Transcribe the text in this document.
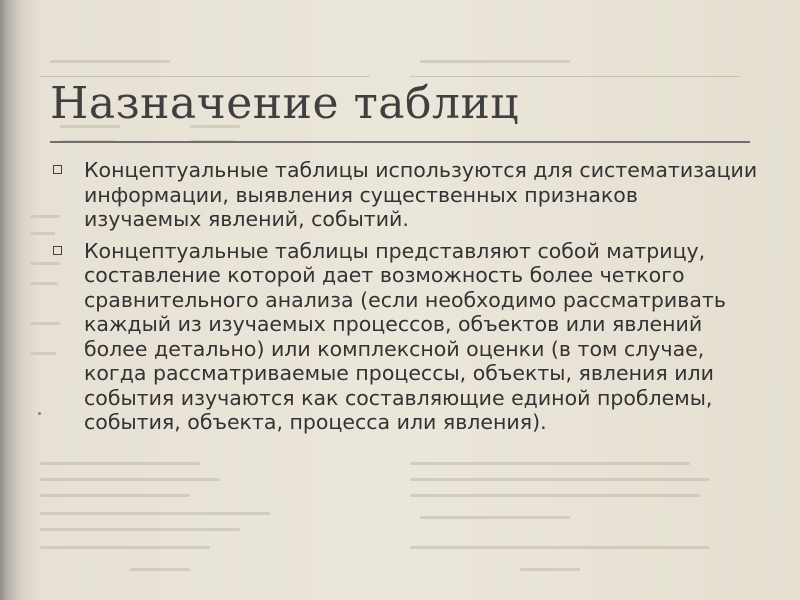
Назначение таблиц
Концептуальные таблицы используются для систематизации информации, выявления существенных признаков изучаемых явлений, событий.
Концептуальные таблицы представляют собой матрицу, составление которой дает возможность более четкого сравнительного анализа (если необходимо рассматривать каждый из изучаемых процессов, объектов или явлений более детально) или комплексной оценки (в том случае, когда рассматриваемые процессы, объекты, явления или события изучаются как составляющие единой проблемы, события, объекта, процесса или явления).
